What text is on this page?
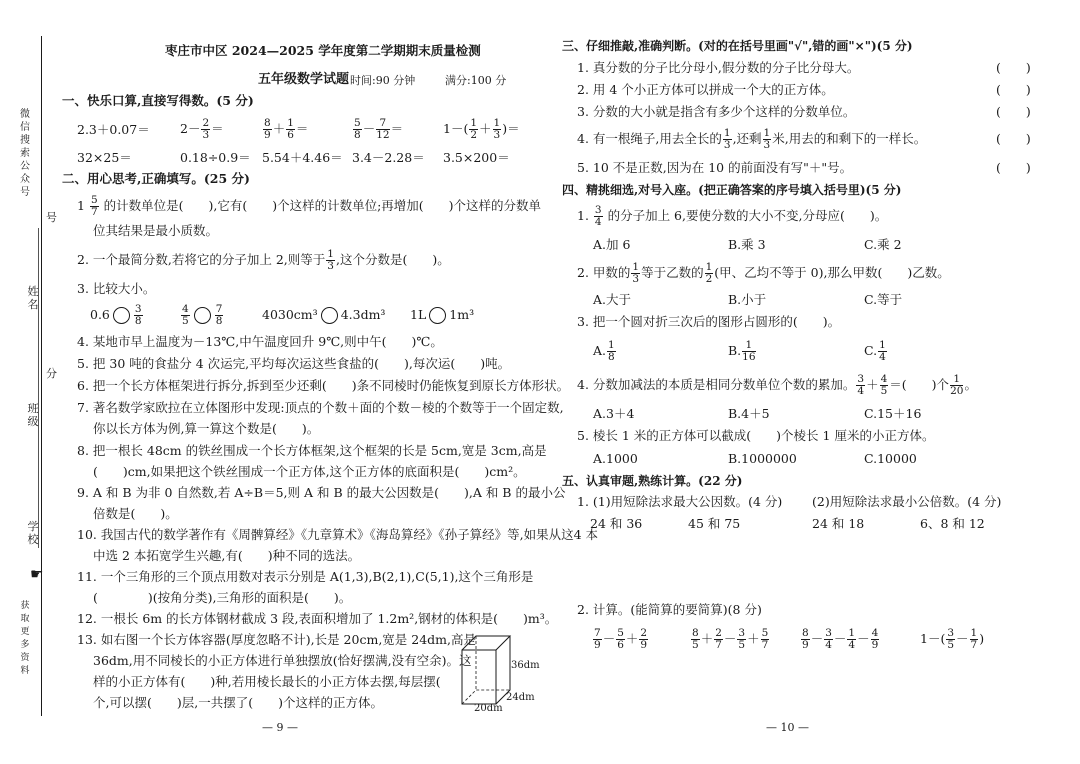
微信搜索公众号
号
姓名
分
班级
学校
☛
获取更多资料
枣庄市中区 2024—2025 学年度第二学期期末质量检测
五年级数学试题 时间:90 分钟	满分:100 分
一、快乐口算,直接写得数。(5 分)
$2.3+0.07= 2- \frac{2}{3}$ ＝	$\frac{8}{9} + \frac{1}{6}$ ＝	$\frac{5}{8} - \frac{7}{12}$ ＝	$1-( \frac{1}{2} + \frac{1}{3}$ )＝
32×25＝	0.18÷0.9＝ 5.54＋4.46＝ 3.4－2.28＝ 3.5×200＝
二、用心思考,正确填写。(25 分)
$1 \frac{5}{7}$ 的计数单位是(　　),它有(　　)个这样的计数单位;再增加(　　)个这样的分数单
位其结果是最小质数。
2. 一个最简分数,若将它的分子加上 2,则等于 $\frac{1}{3}$ ,这个分数是(　　)。
3. 比较大小。
$0.6 \frac{3}{8}$	$\frac{4}{5} \frac{7}{8}$	4030cm³ 4.3dm³ 1L 1m³
4. 某地市早上温度为－13℃,中午温度回升 9℃,则中午(　　)℃。
5. 把 30 吨的食盐分 4 次运完,平均每次运这些食盐的(　　),每次运(　　)吨。
6. 把一个长方体框架进行拆分,拆到至少还剩(　　)条不同棱时仍能恢复到原长方体形状。
7. 著名数学家欧拉在立体图形中发现:顶点的个数＋面的个数－棱的个数等于一个固定数,
你以长方体为例,算一算这个数是(　　)。
8. 把一根长 48cm 的铁丝围成一个长方体框架,这个框架的长是 5cm,宽是 3cm,高是
(　　)cm,如果把这个铁丝围成一个正方体,这个正方体的底面积是(　　)cm²。
9. A 和 B 为非 0 自然数,若 A÷B＝5,则 A 和 B 的最大公因数是(　　),A 和 B 的最小公
倍数是(　　)。
10. 我国古代的数学著作有《周髀算经》《九章算术》《海岛算经》《孙子算经》等,如果从这4 本
中选 2 本拓宽学生兴趣,有(　　)种不同的选法。
11. 一个三角形的三个顶点用数对表示分别是 A(1,3),B(2,1),C(5,1),这个三角形是
(　　　　)(按角分类),三角形的面积是(　　)。
12. 一根长 6m 的长方体钢材截成 3 段,表面积增加了 1.2m²,钢材的体积是(　　)m³。
13. 如右图一个长方体容器(厚度忽略不计),长是 20cm,宽是 24dm,高是
36dm,用不同棱长的小正方体进行单独摆放(恰好摆满,没有空余)。这
样的小正方体有(　　)种,若用棱长最长的小正方体去摆,每层摆(　　
个,可以摆(　　)层,一共摆了(　　)个这样的正方体。
36dm
24dm
20dm
— 9 —
三、仔细推敲,准确判断。(对的在括号里画"√",错的画"×")(5 分)
1. 真分数的分子比分母小,假分数的分子比分母大。	(　　)
2. 用 4 个小正方体可以拼成一个大的正方体。	(　　)
3. 分数的大小就是指含有多少个这样的分数单位。	(　　)
4. 有一根绳子,用去全长的 $\frac{1}{3}$ ,还剩 $\frac{1}{3}$ 米,用去的和剩下的一样长。	(　　)
5. 10 不是正数,因为在 10 的前面没有写"＋"号。	(　　)
四、精挑细选,对号入座。(把正确答案的序号填入括号里)(5 分)
1. $\frac{3}{4}$ 的分子加上 6,要使分数的大小不变,分母应(　　)。
A.加 6	B.乘 3	C.乘 2
2. 甲数的 $\frac{1}{3}$ 等于乙数的 $\frac{1}{2}$ (甲、乙均不等于 0),那么甲数(　　)乙数。
A.大于	B.小于	C.等于
3. 把一个圆对折三次后的图形占圆形的(　　)。
A. $\frac{1}{8}$	B. $\frac{1}{16}$	C. $\frac{1}{4}$
4. 分数加减法的本质是相同分数单位个数的累加。 $\frac{3}{4} + \frac{4}{5}$ ＝(　　)个 $\frac{1}{20}$ 。
A.3＋4	B.4＋5	C.15＋16
5. 棱长 1 米的正方体可以截成(　　)个棱长 1 厘米的小正方体。
A.1000	B.1000000	C.10000
五、认真审题,熟练计算。(22 分)
1. (1)用短除法求最大公因数。(4 分) (2)用短除法求最小公倍数。(4 分)
24 和 36	45 和 75	24 和 18	6、8 和 12
2. 计算。(能简算的要简算)(8 分)
$\frac{7}{9} - \frac{5}{6} + \frac{2}{9}$	$\frac{8}{5} + \frac{2}{7} - \frac{3}{5} + \frac{5}{7}$	$\frac{8}{9} - \frac{3}{4} - \frac{1}{4} - \frac{4}{9}$	$1-( \frac{3}{5} - \frac{1}{7}$ )
— 10 —
